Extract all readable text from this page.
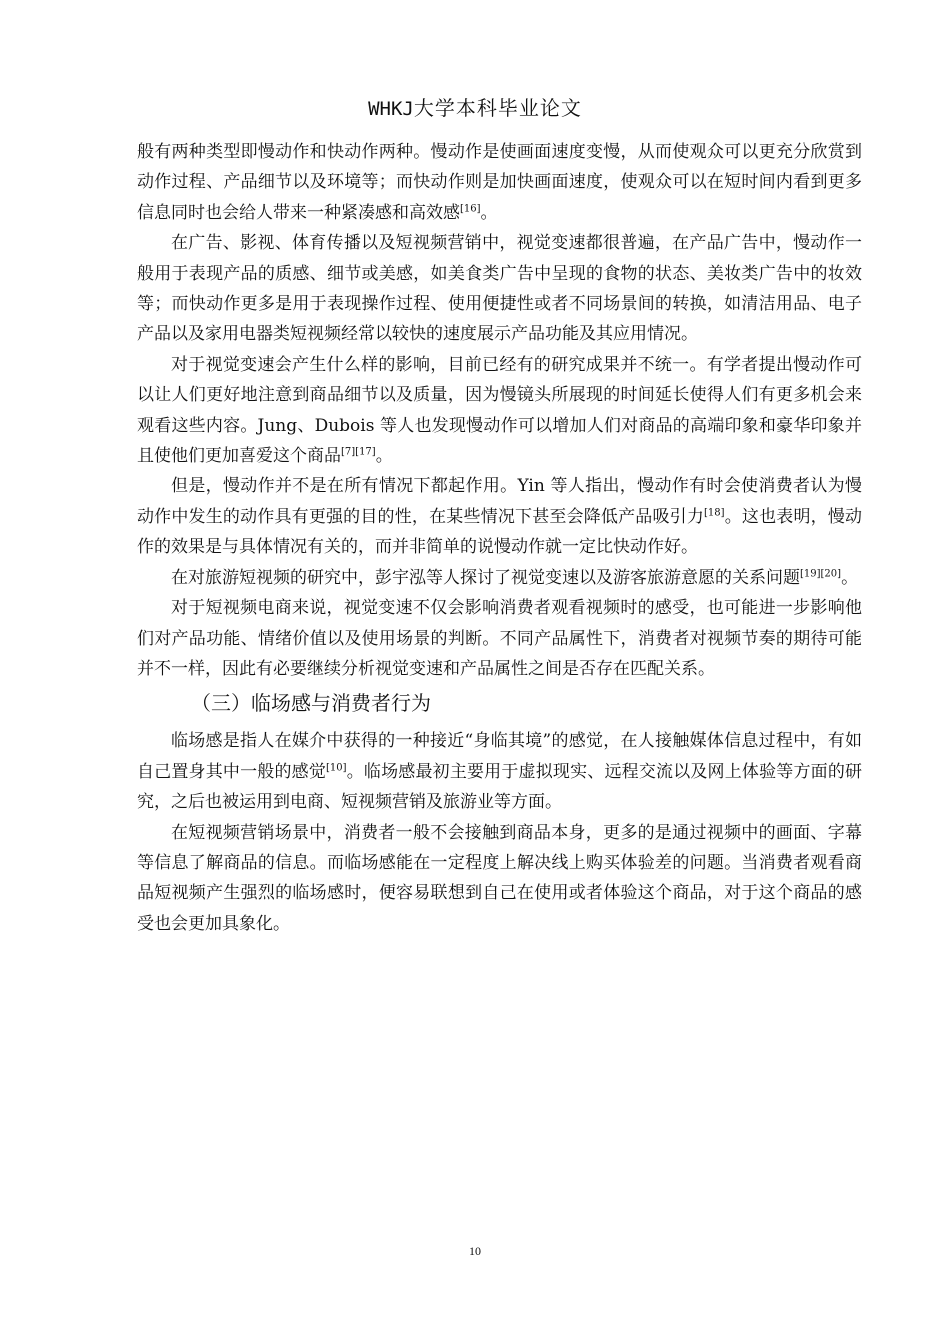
WHKJ大学本科毕业论文

般有两种类型即慢动作和快动作两种。慢动作是使画面速度变慢，从而使观众可以更充分欣赏到动作过程、产品细节以及环境等；而快动作则是加快画面速度，使观众可以在短时间内看到更多信息同时也会给人带来一种紧凑感和高效感[16]。

在广告、影视、体育传播以及短视频营销中，视觉变速都很普遍，在产品广告中，慢动作一般用于表现产品的质感、细节或美感，如美食类广告中呈现的食物的状态、美妆类广告中的妆效等；而快动作更多是用于表现操作过程、使用便捷性或者不同场景间的转换，如清洁用品、电子产品以及家用电器类短视频经常以较快的速度展示产品功能及其应用情况。

对于视觉变速会产生什么样的影响，目前已经有的研究成果并不统一。有学者提出慢动作可以让人们更好地注意到商品细节以及质量，因为慢镜头所展现的时间延长使得人们有更多机会来观看这些内容。Jung、Dubois 等人也发现慢动作可以增加人们对商品的高端印象和豪华印象并且使他们更加喜爱这个商品[7][17]。

但是，慢动作并不是在所有情况下都起作用。Yin 等人指出，慢动作有时会使消费者认为慢动作中发生的动作具有更强的目的性，在某些情况下甚至会降低产品吸引力[18]。这也表明，慢动作的效果是与具体情况有关的，而并非简单的说慢动作就一定比快动作好。

在对旅游短视频的研究中，彭宇泓等人探讨了视觉变速以及游客旅游意愿的关系问题[19][20]。

对于短视频电商来说，视觉变速不仅会影响消费者观看视频时的感受，也可能进一步影响他们对产品功能、情绪价值以及使用场景的判断。不同产品属性下，消费者对视频节奏的期待可能并不一样，因此有必要继续分析视觉变速和产品属性之间是否存在匹配关系。

（三）临场感与消费者行为

临场感是指人在媒介中获得的一种接近“身临其境”的感觉，在人接触媒体信息过程中，有如自己置身其中一般的感觉[10]。临场感最初主要用于虚拟现实、远程交流以及网上体验等方面的研究，之后也被运用到电商、短视频营销及旅游业等方面。

在短视频营销场景中，消费者一般不会接触到商品本身，更多的是通过视频中的画面、字幕等信息了解商品的信息。而临场感能在一定程度上解决线上购买体验差的问题。当消费者观看商品短视频产生强烈的临场感时，便容易联想到自己在使用或者体验这个商品，对于这个商品的感受也会更加具象化。

10
